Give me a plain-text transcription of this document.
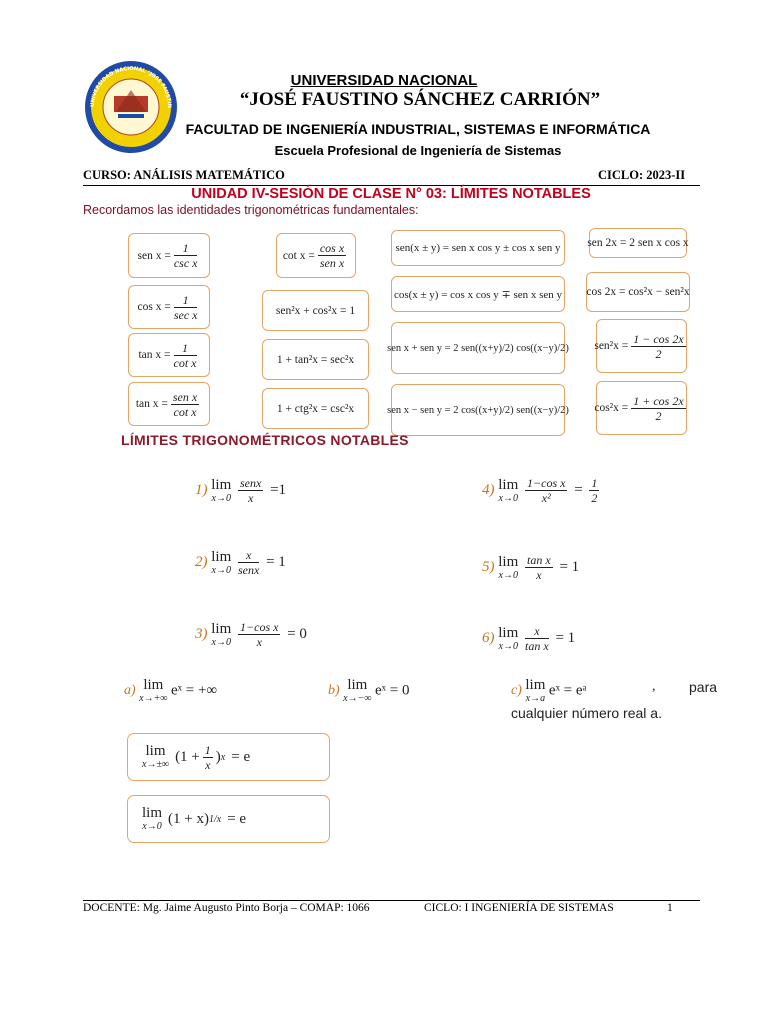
UNIVERSIDAD NACIONAL "JOSE FAUSTIN
UNIVERSIDAD NACIONAL
“JOSÉ FAUSTINO SÁNCHEZ CARRIÓN”
FACULTAD DE INGENIERÍA INDUSTRIAL, SISTEMAS E INFORMÁTICA
Escuela Profesional de Ingeniería de Sistemas
CURSO: ANÁLISIS MATEMÁTICO	CICLO: 2023-II
UNIDAD IV-SESIÓN DE CLASE N° 03: LÍMITES NOTABLES
Recordamos las identidades trigonométricas fundamentales:
sen $x = \frac{1}{\text{csc x}}$
$\cos x = \frac{1}{\text{sec x}}$
$\tan x = \frac{1}{\text{cot x}}$
$\tan x = \frac{\text{sen x}}{\text{cot x}}$
$\cot x = \frac{\text{cos x}}{\text{sen x}}$
sen²x + cos²x = 1
1 + tan²x = sec²x
1 + ctg²x = csc²x
sen(x ± y) = sen x cos y ± cos x sen y
cos(x ± y) = cos x cos y ∓ sen x sen y
sen x + sen y = 2 sen((x+y)/2) cos((x−y)/2)
sen x − sen y = 2 cos((x+y)/2) sen((x−y)/2)
sen 2x = 2 sen x cos x
cos 2x = cos²x − sen²x
$sen^2x = \frac{1 - \cos 2x}{2}$
$\cos^2x = \frac{1 + \cos 2x}{2}$
LÍMITES TRIGONOMÉTRICOS NOTABLES
1) lim
x→0
$\frac{\text{senx}}{x} =1$
2) lim
x→0
$\frac{x}{\text{senx}} = 1$
3) lim
x→0
$\frac{\text{1−cos x}}{x} = 0$
4) lim
x→0
$\frac{\text{1−cos x}}{\text{x²}} = \frac{1}{2}$
5) lim
x→0
$\frac{\text{tan x}}{x} = 1$
6) lim
x→0
$\frac{x}{\text{tan x}} = 1$
a) lim
x→+∞ eˣ = +∞	b) lim
x→−∞ eˣ = 0	c) lim
x→a eˣ = eᵃ	, para
cualquier número real a.
lim
x→±∞ ($1 + \frac{1}{x}$ ) x = e
lim
x→0 (1 + x) 1/x = e
DOCENTE: Mg. Jaime Augusto Pinto Borja – COMAP: 1066	CICLO: I INGENIERÍA DE SISTEMAS	1
